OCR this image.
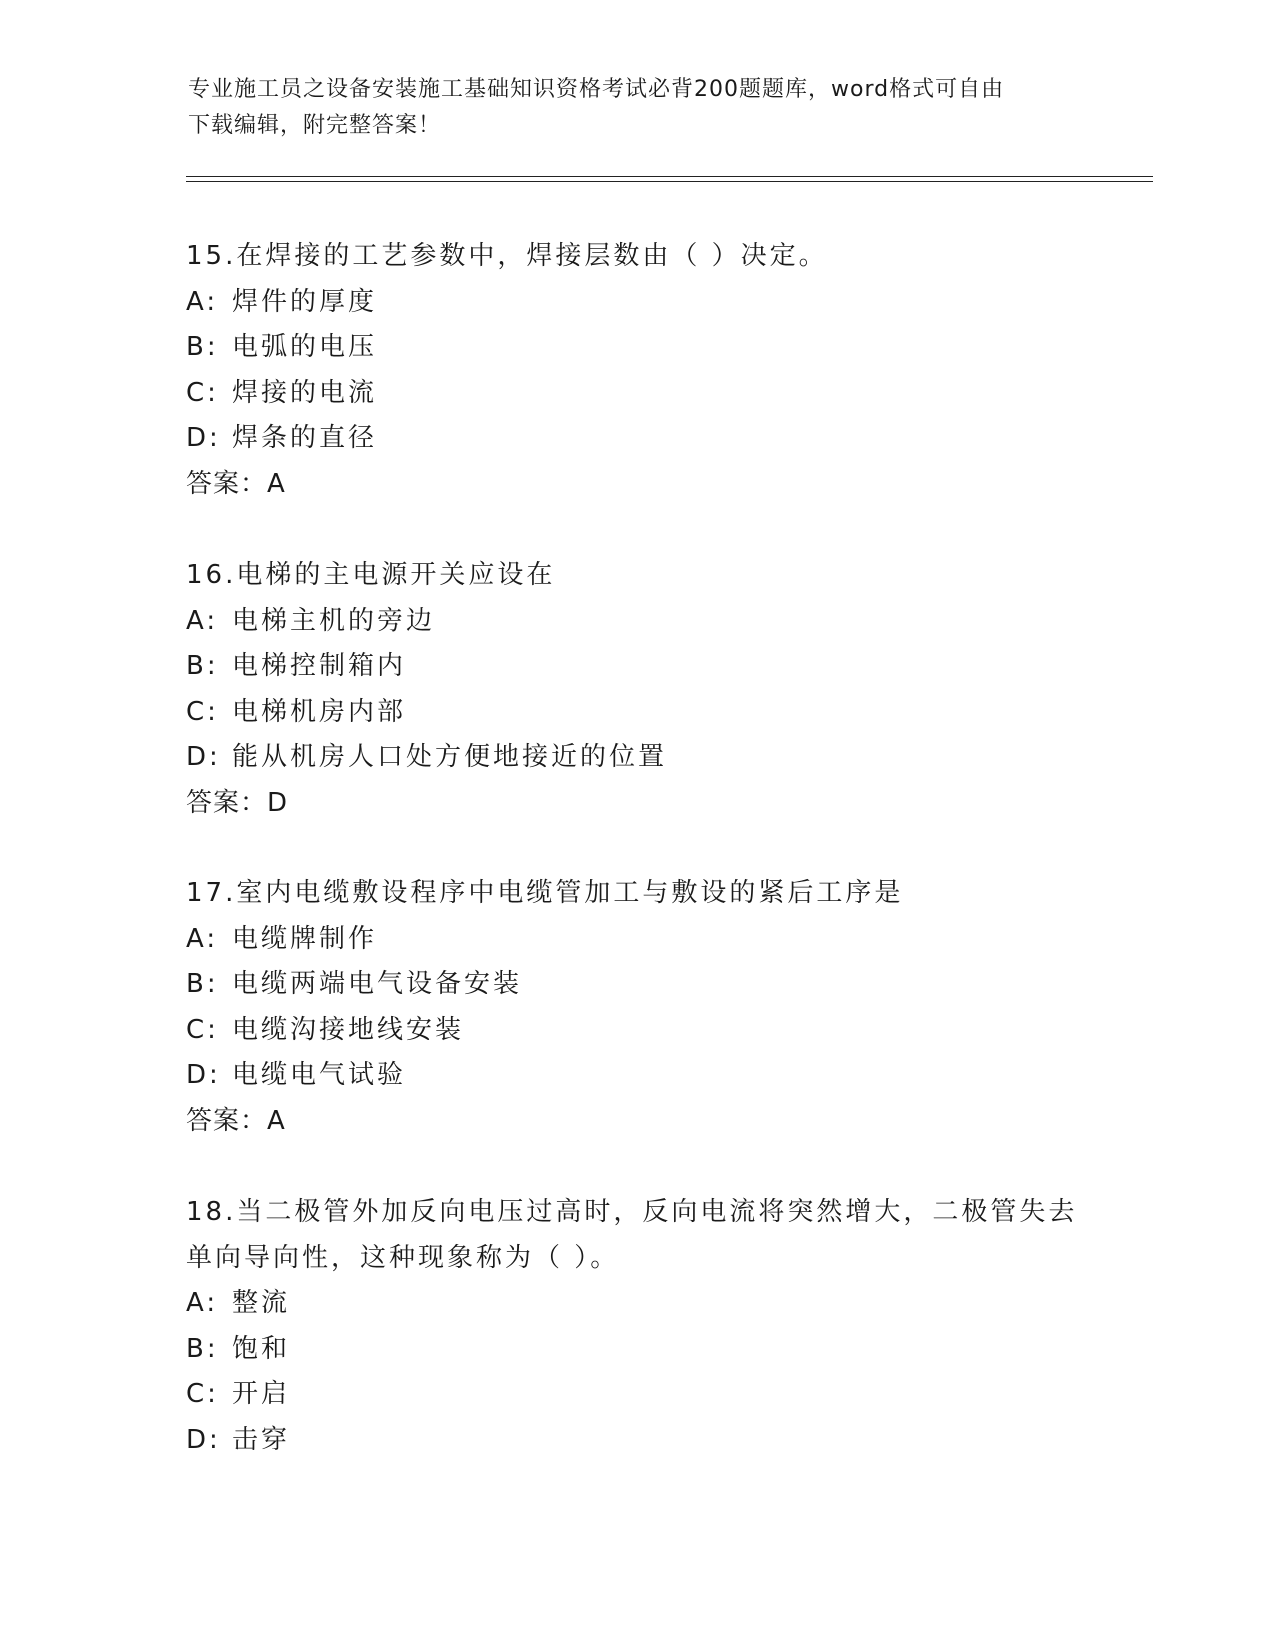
专业施工员之设备安装施工基础知识资格考试必背200题题库，word格式可自由
下载编辑，附完整答案！
15.在焊接的工艺参数中，焊接层数由（ ）决定。
A: 焊件的厚度
B: 电弧的电压
C: 焊接的电流
D: 焊条的直径
答案：A
16.电梯的主电源开关应设在
A: 电梯主机的旁边
B: 电梯控制箱内
C: 电梯机房内部
D: 能从机房人口处方便地接近的位置
答案：D
17.室内电缆敷设程序中电缆管加工与敷设的紧后工序是
A: 电缆牌制作
B: 电缆两端电气设备安装
C: 电缆沟接地线安装
D: 电缆电气试验
答案：A
18.当二极管外加反向电压过高时，反向电流将突然增大，二极管失去
单向导向性，这种现象称为（ ）。
A: 整流
B: 饱和
C: 开启
D: 击穿
